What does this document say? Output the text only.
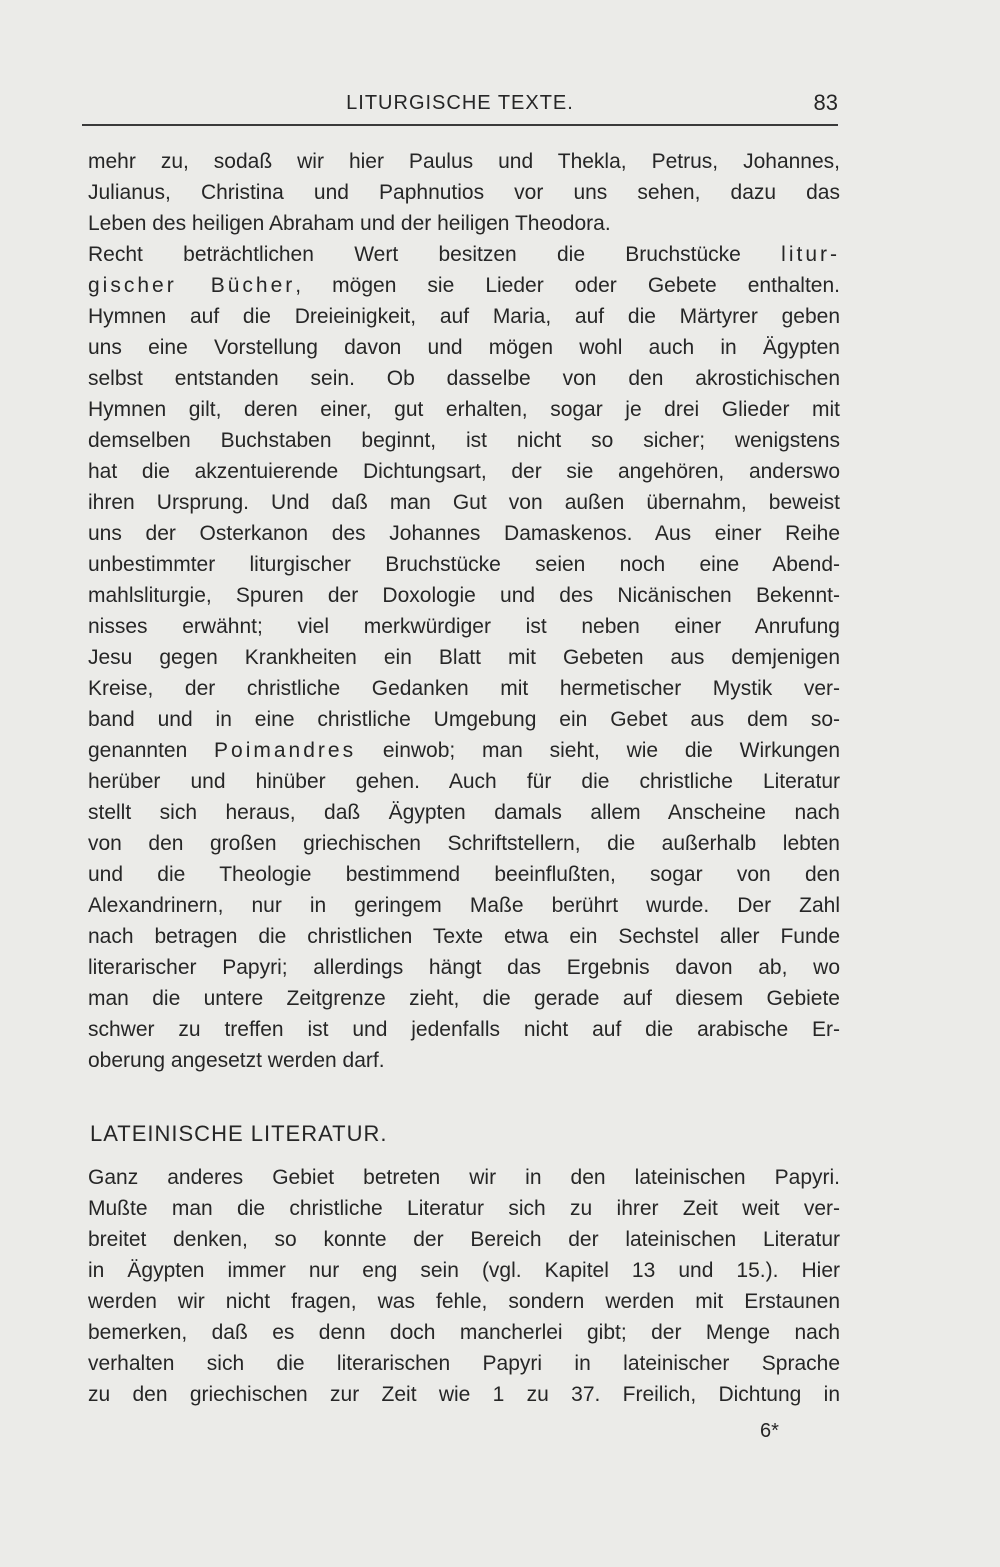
LITURGISCHE TEXTE.	83
mehr zu, sodaß wir hier Paulus und Thekla, Petrus, Johannes,
Julianus, Christina und Paphnutios vor uns sehen, dazu das
Leben des heiligen Abraham und der heiligen Theodora.
Recht beträchtlichen Wert besitzen die Bruchstücke litur-
gischer Bücher, mögen sie Lieder oder Gebete enthalten.
Hymnen auf die Dreieinigkeit, auf Maria, auf die Märtyrer geben
uns eine Vorstellung davon und mögen wohl auch in Ägypten
selbst entstanden sein. Ob dasselbe von den akrostichischen
Hymnen gilt, deren einer, gut erhalten, sogar je drei Glieder mit
demselben Buchstaben beginnt, ist nicht so sicher; wenigstens
hat die akzentuierende Dichtungsart, der sie angehören, anderswo
ihren Ursprung. Und daß man Gut von außen übernahm, beweist
uns der Osterkanon des Johannes Damaskenos. Aus einer Reihe
unbestimmter liturgischer Bruchstücke seien noch eine Abend-
mahlsliturgie, Spuren der Doxologie und des Nicänischen Bekennt-
nisses erwähnt; viel merkwürdiger ist neben einer Anrufung
Jesu gegen Krankheiten ein Blatt mit Gebeten aus demjenigen
Kreise, der christliche Gedanken mit hermetischer Mystik ver-
band und in eine christliche Umgebung ein Gebet aus dem so-
genannten Poimandres einwob; man sieht, wie die Wirkungen
herüber und hinüber gehen. Auch für die christliche Literatur
stellt sich heraus, daß Ägypten damals allem Anscheine nach
von den großen griechischen Schriftstellern, die außerhalb lebten
und die Theologie bestimmend beeinflußten, sogar von den
Alexandrinern, nur in geringem Maße berührt wurde. Der Zahl
nach betragen die christlichen Texte etwa ein Sechstel aller Funde
literarischer Papyri; allerdings hängt das Ergebnis davon ab, wo
man die untere Zeitgrenze zieht, die gerade auf diesem Gebiete
schwer zu treffen ist und jedenfalls nicht auf die arabische Er-
oberung angesetzt werden darf.
LATEINISCHE LITERATUR.
Ganz anderes Gebiet betreten wir in den lateinischen Papyri.
Mußte man die christliche Literatur sich zu ihrer Zeit weit ver-
breitet denken, so konnte der Bereich der lateinischen Literatur
in Ägypten immer nur eng sein (vgl. Kapitel 13 und 15.). Hier
werden wir nicht fragen, was fehle, sondern werden mit Erstaunen
bemerken, daß es denn doch mancherlei gibt; der Menge nach
verhalten sich die literarischen Papyri in lateinischer Sprache
zu den griechischen zur Zeit wie 1 zu 37. Freilich, Dichtung in
6*
